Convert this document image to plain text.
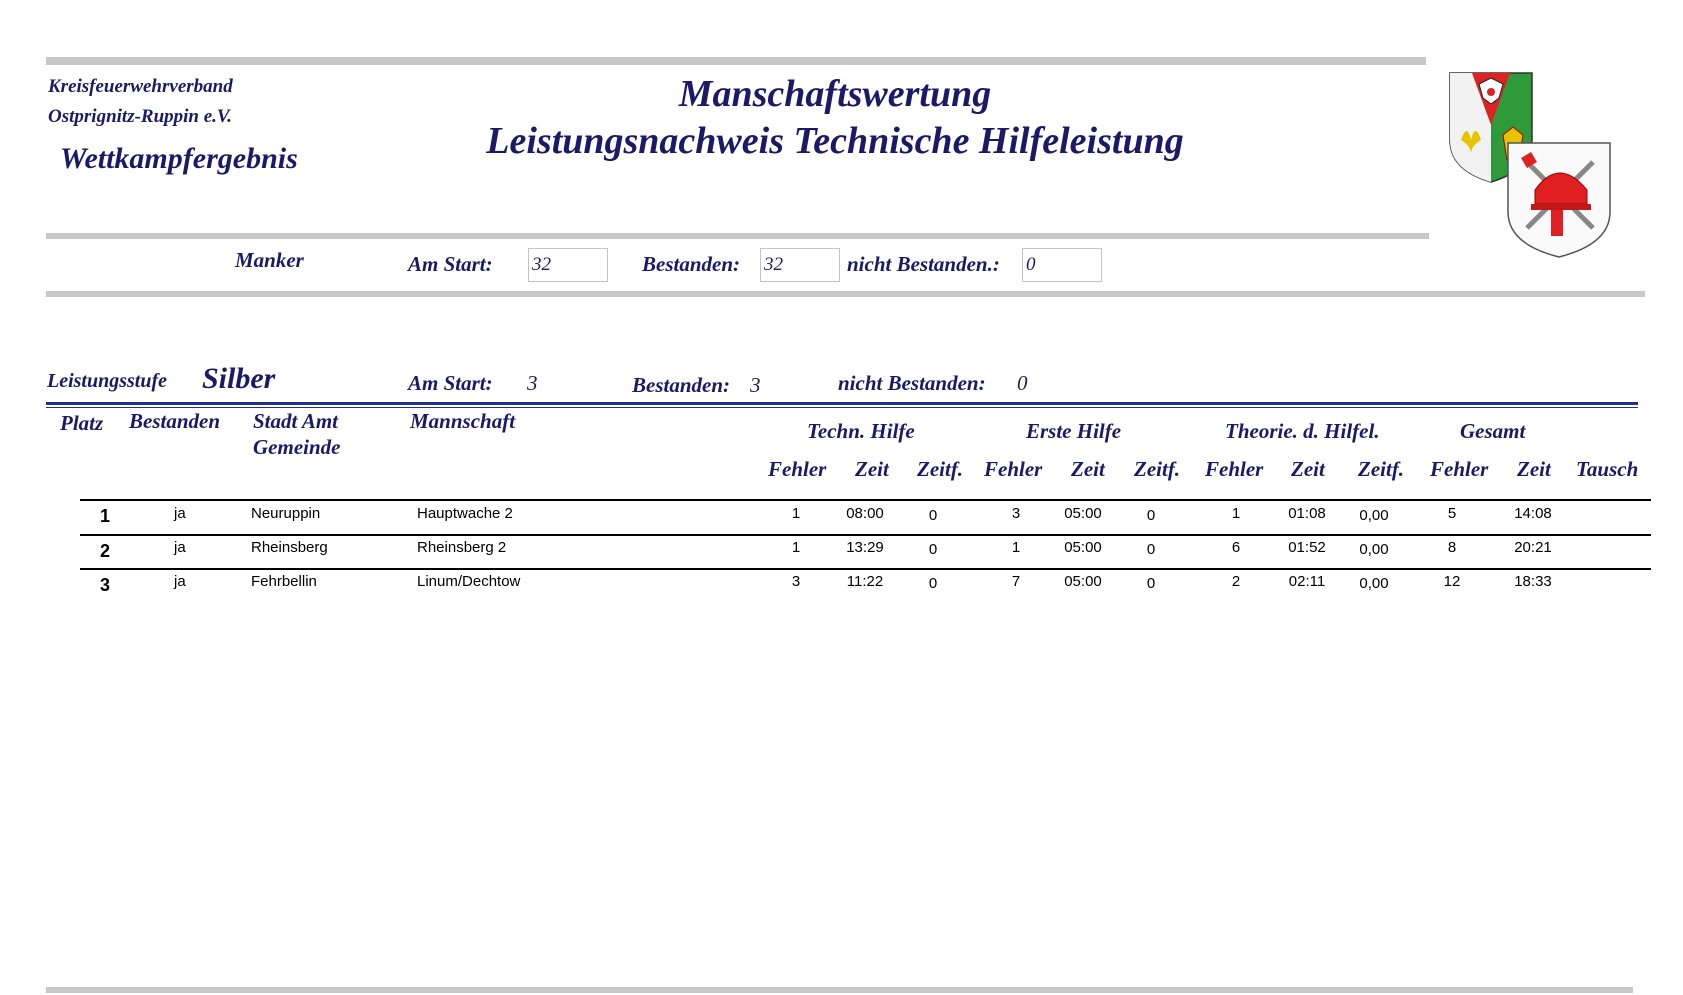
Kreisfeuerwehrverband
Ostprignitz-Ruppin e.V.
Wettkampfergebnis
Manschaftswertung
Leistungsnachweis Technische Hilfeleistung
Manker	Am Start: 32	Bestanden: 32	nicht Bestanden.: 0
Leistungsstufe Silber	Am Start: 3	Bestanden: 3	nicht Bestanden: 0
Platz Bestanden Stadt Amt
Gemeinde
Mannschaft	Techn. Hilfe	Erste Hilfe	Theorie. d. Hilfel.	Gesamt
Fehler Zeit Zeitf. Fehler Zeit Zeitf. Fehler Zeit Zeitf. Fehler Zeit Tausch
1	ja	Neuruppin	Hauptwache 2	1	08:00	0	3	05:00	0	1	01:08	0,00	5	14:08
2	ja	Rheinsberg	Rheinsberg 2	1	13:29	0	1	05:00	0	6	01:52	0,00	8	20:21
3	ja	Fehrbellin	Linum/Dechtow	3	11:22	0	7	05:00	0	2	02:11	0,00	12	18:33
